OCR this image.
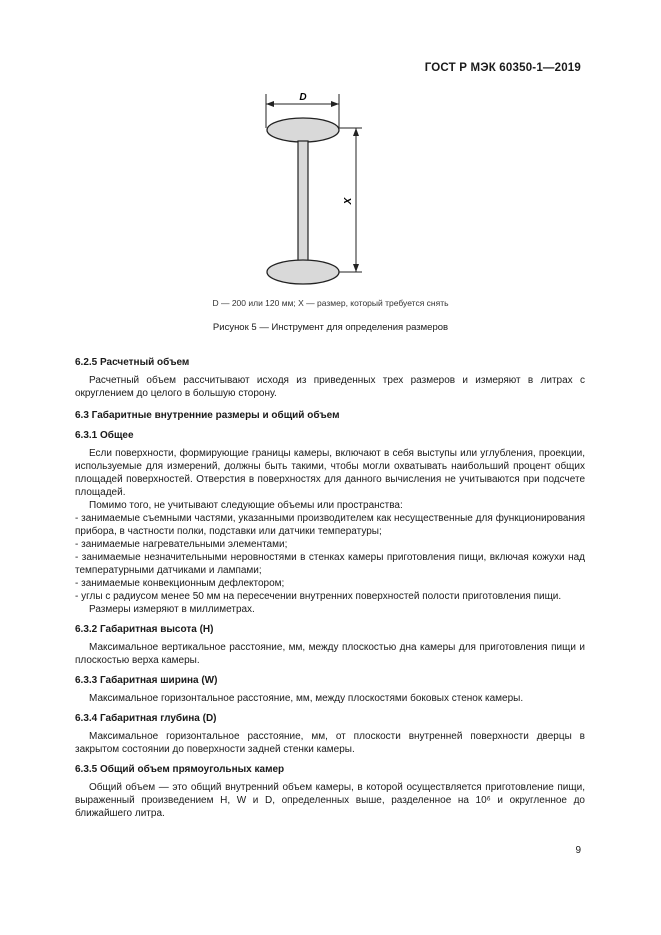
ГОСТ Р МЭК 60350-1—2019
D
X
D — 200 или 120 мм; X — размер, который требуется снять
Рисунок 5 — Инструмент для определения размеров
6.2.5 Расчетный объем

Расчетный объем рассчитывают исходя из приведенных трех размеров и измеряют в литрах с округлением до целого в большую сторону.

6.3 Габаритные внутренние размеры и общий объем
6.3.1 Общее

Если поверхности, формирующие границы камеры, включают в себя выступы или углубления, проекции, используемые для измерений, должны быть такими, чтобы могли охватывать наибольший процент общих площадей поверхностей. Отверстия в поверхностях для данного вычисления не учитываются при подсчете площадей.

Помимо того, не учитывают следующие объемы или пространства:

- занимаемые съемными частями, указанными производителем как несущественные для функционирования прибора, в частности полки, подставки или датчики температуры;

- занимаемые нагревательными элементами;

- занимаемые незначительными неровностями в стенках камеры приготовления пищи, включая кожухи над температурными датчиками и лампами;

- занимаемые конвекционным дефлектором;

- углы с радиусом менее 50 мм на пересечении внутренних поверхностей полости приготовления пищи.

Размеры измеряют в миллиметрах.

6.3.2 Габаритная высота (H)

Максимальное вертикальное расстояние, мм, между плоскостью дна камеры для приготовления пищи и плоскостью верха камеры.

6.3.3 Габаритная ширина (W)

Максимальное горизонтальное расстояние, мм, между плоскостями боковых стенок камеры.

6.3.4 Габаритная глубина (D)

Максимальное горизонтальное расстояние, мм, от плоскости внутренней поверхности дверцы в закрытом состоянии до поверхности задней стенки камеры.

6.3.5 Общий объем прямоугольных камер

Общий объем — это общий внутренний объем камеры, в которой осуществляется приготовление пищи, выраженный произведением H, W и D, определенных выше, разделенное на 10⁶ и округленное до ближайшего литра.

9
